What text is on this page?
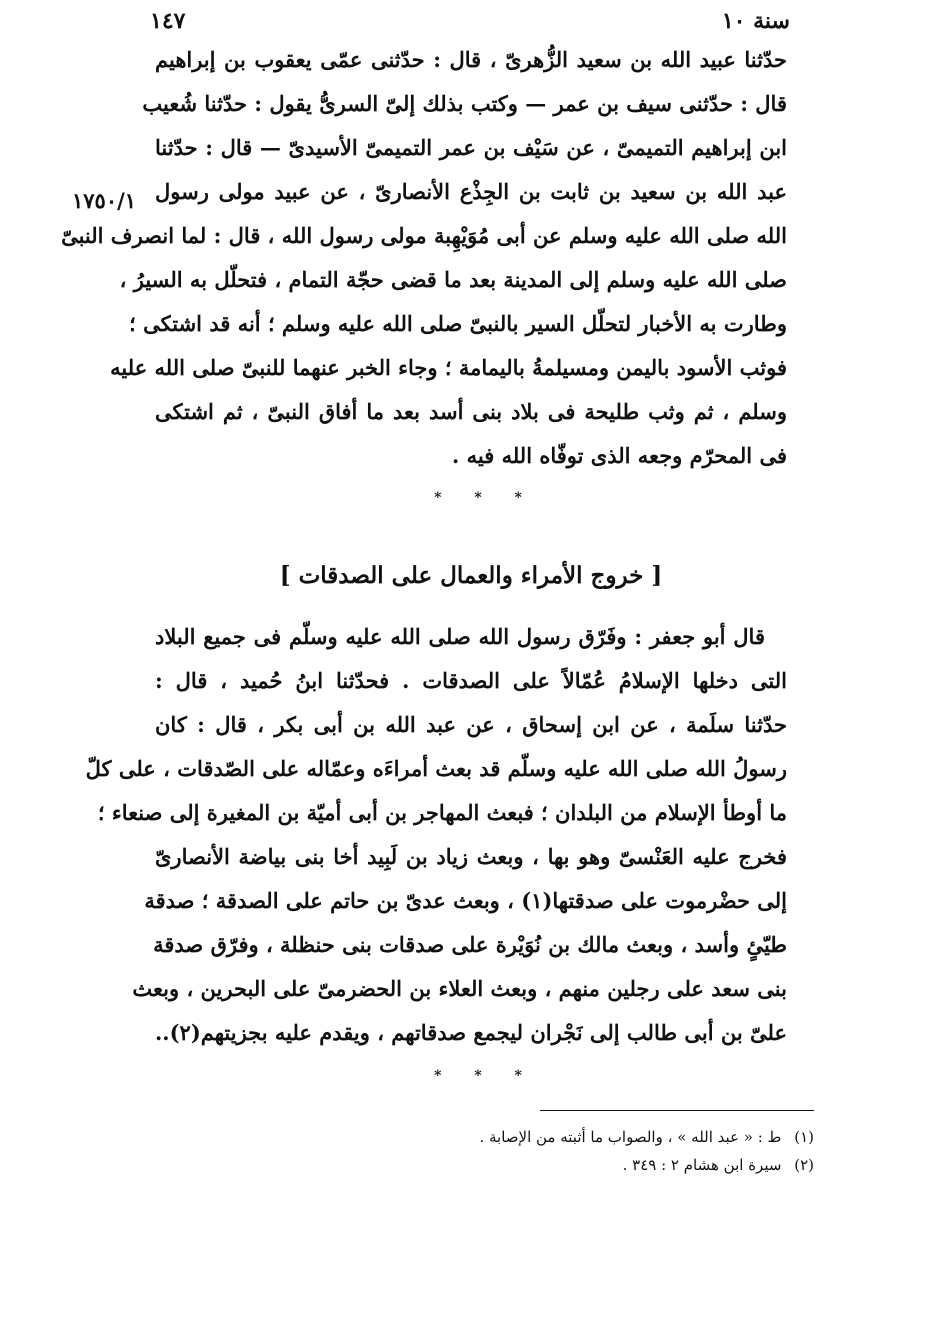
سنة ١٠
١٤٧
١٧٥٠/١
حدّثنا عبيد الله بن سعيد الزُّهرىّ ، قال : حدّثنى عمّى يعقوب بن إبراهيم
قال : حدّثنى سيف بن عمر — وكتب بذلك إلىّ السرىُّ يقول : حدّثنا شُعيب
ابن إبراهيم التميمىّ ، عن سَيْف بن عمر التميمىّ الأسيدىّ — قال : حدّثنا
عبد الله بن سعيد بن ثابت بن الجِذْع الأنصارىّ ، عن عبيد مولى رسول
الله صلى الله عليه وسلم عن أبى مُوَيْهِبة مولى رسول الله ، قال : لما انصرف النبىّ
صلى الله عليه وسلم إلى المدينة بعد ما قضى حجّة التمام ، فتحلّل به السيرُ ،
وطارت به الأخبار لتحلّل السير بالنبىّ صلى الله عليه وسلم ؛ أنه قد اشتكى ؛
فوثب الأسود باليمن ومسيلمةُ باليمامة ؛ وجاء الخبر عنهما للنبىّ صلى الله عليه
وسلم ، ثم وثب طليحة فى بلاد بنى أسد بعد ما أفاق النبىّ ، ثم اشتكى
فى المحرّم وجعه الذى توفّاه الله فيه .
* * *
[ خروج الأمراء والعمال على الصدقات ]
قال أبو جعفر : وفَرّق رسول الله صلى الله عليه وسلّم فى جميع البلاد
التى دخلها الإسلامُ عُمّالاً على الصدقات . فحدّثنا ابنُ حُميد ، قال :
حدّثنا سلَمة ، عن ابن إسحاق ، عن عبد الله بن أبى بكر ، قال : كان
رسولُ الله صلى الله عليه وسلّم قد بعث أمراءَه وعمّاله على الصّدقات ، على كلّ
ما أوطأ الإسلام من البلدان ؛ فبعث المهاجر بن أبى أميّة بن المغيرة إلى صنعاء ؛
فخرج عليه العَنْسىّ وهو بها ، وبعث زياد بن لَبِيد أخا بنى بياضة الأنصارىّ
إلى حضْرموت على صدقتها(١) ، وبعث عدىّ بن حاتم على الصدقة ؛ صدقة
طيّئٍ وأسد ، وبعث مالك بن نُوَيْرة على صدقات بنى حنظلة ، وفرّق صدقة
بنى سعد على رجلين منهم ، وبعث العلاء بن الحضرمىّ على البحرين ، وبعث
علىّ بن أبى طالب إلى نَجْران ليجمع صدقاتهم ، ويقدم عليه بجزيتهم(٢)..
* * *
(١) ط : « عبد الله » ، والصواب ما أثبته من الإصابة .
(٢) سيرة ابن هشام ٢ : ٣٤٩ .
